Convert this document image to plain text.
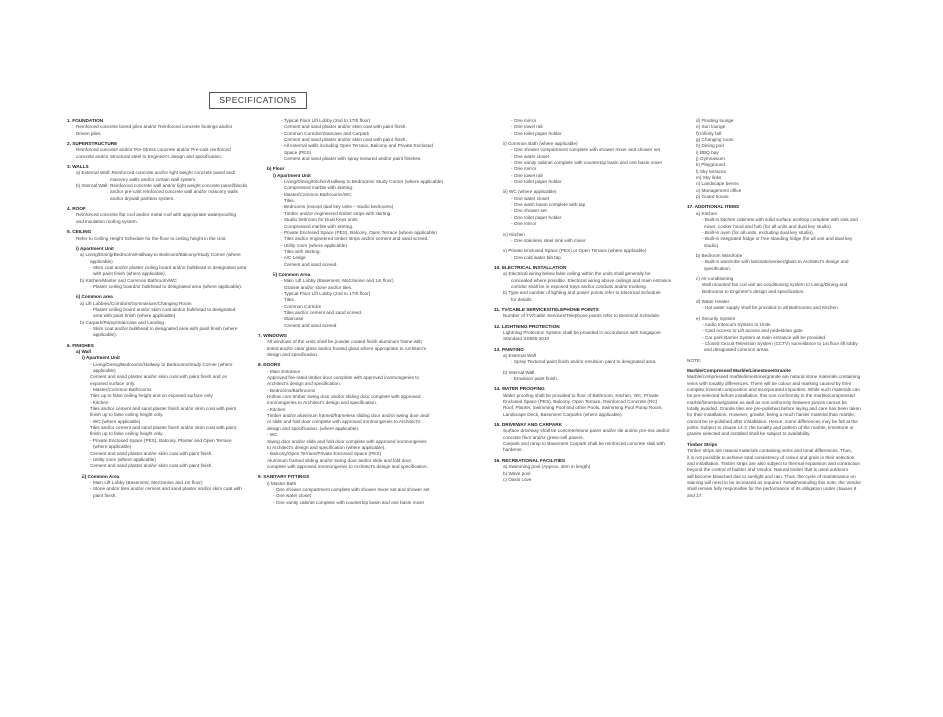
SPECIFICATIONS
1. FOUNDATION
Reinforced concrete bored piles and/or Reinforced concrete footings and/or
Driven piles.
2. SUPERSTRUCTURE
Reinforced concrete and/or Pre-Stress concrete and/or Pre-cast reinforced
concrete and/or Structural steel to Engineer's design and specification.
3. WALLS
a) External Wall: Reinforced concrete and/or light weight concrete panel and/
masonry walls and/or curtain wall system.
b) Internal Wall: Reinforced concrete wall and/or light weight concrete panel/blocks
and/or pre-cast reinforced concrete wall and/or masonry walls
and/or drywall partition system.
4. ROOF
Reinforced concrete flat roof and/or metal roof with appropriate waterproofing
and insulation roofing system.
5. CEILING
Refer to Ceiling Height Schedule for the floor to ceiling height in the Unit.
i) Apartment Unit
a) Living/Dining/Bedrooms/Hallway to Bedroom/Balcony/Study Corner (where
applicable)
- Skim coat and/or plaster ceiling board and/or bulkhead to designated area
with paint finish (where applicable).
b) Kitchen/Master and Common Bathroom/WC
- Plaster ceiling board/or bulkhead to designated area (where applicable).
ii) Common area
a) Lift Lobbies/Corridors/Gymnasium/Changing Room
- Plaster ceiling board and/or skim coat and/or bulkhead to designated
area with paint finish (where applicable).
b) Carpark/Ramp/Staircase and Landing
- Skim coat and/or bulkhead to designated area with paint finish (where
applicable).
6. FINISHES
a) Wall
i) Apartment Unit
- Living/Dining/Bedrooms/Hallway to Bedrooms/Study Corner (where
applicable)
Cement and sand plaster and/or skim coat with paint finish and on
exposed surface only.
- Master/Common Bathrooms
Tiles up to false ceiling height and on exposed surface only.
- Kitchen
Tiles and/or cement and sand plaster finish and/or skim coat with paint
finish up to false ceiling height only.
- WC (where applicable)
Tiles and/or cement and sand plaster finish and/or skim coat with paint
finish up to false ceiling height only.
- Private Enclosed Space (PES), Balcony, Planter and Open Terrace
(where applicable)
Cement and sand plaster and/or skim coat with paint finish.
- Utility room (where applicable)
Cement and sand plaster and/or skim coat with paint finish.
ii) Common Area
- Main Lift Lobby (Basement, Mezzanine and 1st floor)
- Stone and/or tiles and/or cement and sand plaster and/or skim coat with
paint finish.
- Typical Floor Lift Lobby (2nd to 17th floor)
Cement and sand plaster and/or skim coat with paint finish.
- Common Corridor/Staircase and Carpark
Cement and sand plaster and/or skim coat with paint finish.
- All external walls including Open Terrace, Balcony and Private Enclosed
Space (PES)
Cement and sand plaster with spray textured and/or paint finishes.
b) Floor
i) Apartment Unit
- Living/Dining/Kitchen/Hallway to Bedrooms/ Study Corner (where applicable)
Compressed marble with skirting.
- Master/Common Bathrooms/WC
Tiles.
- Bedrooms (except dual key units – studio bedrooms)
Timber and/or engineered timber strips with skirting.
- Studio bedroom for Dual Keys units
Compressed marble with skirting.
- Private Enclosed Space (PES), Balcony, Open Terrace (where applicable)
Tiles and/or engineered timber strips and/or cement and sand screed.
- Utility room (where applicable)
Tiles with skirting.
- A/C Ledge
Cement and sand screed.
ii) Common Area
- Main Lift Lobby (Basement, Mezzanine and 1st floor)
Granite and/or stone and/or tiles.
- Typical Floor Lift Lobby (2nd to 17th floor)
Tiles.
- Common Corridor
Tiles and/or cement and sand screed.
- Staircase
Cement and sand screed
7. WINDOWS
All windows of the units shall be powder coated finish aluminum frame with
tinted and/or clear glass and/or frosted glass where appropriate to Architect's
design and specification.
8. DOORS
- Main Entrance
Approved fire-rated timber door complete with approved ironmongeries to
Architect's design and specification.
- Bedrooms/Bathrooms
Hollow core timber swing door and/or sliding door complete with approved
ironmongeries to Architect's design and specification.
- Kitchen
Timber and/or aluminum framed/frameless sliding door and/or swing door and/
or slide and fold door complete with approved ironmongeries to Architect's
design and specification. (where applicable).
- WC
Swing door and/or slide and fold door complete with approved ironmongeries
to Architect's design and specification (where applicable).
- Balcony/Open Terrace/Private Enclosed Space (PES)
Aluminum framed sliding and/or swing door and/or slide and fold door,
complete with approved ironmongeries to Architect's design and specification.
9. SANITARY FITTINGS
i) Master Bath
- One shower compartment complete with shower mixer set and shower set
- One water closet
- One vanity cabinet complete with countertop basin and one basin mixer
- One mirror
- One towel rail
- One toilet paper holder
ii) Common Bath (where applicable)
- One shower compartment complete with shower mixer and shower set
- One water closet
- One vanity cabinet complete with countertop basin and one basin mixer
- One mirror
- One towel rail
- One toilet paper holder
iii) WC (where applicable)
- One water closet
- One wash basin complete with tap
- One shower set
- One toilet paper holder
- One mirror
iv) Kitchen
- One stainless steel sink with mixer
v) Private Enclosed Space (PES) or Open Terrace (where applicable)
- One cold water bib tap
10. ELECTRICAL INSTALLATION
a) Electrical wiring below false ceiling within the units shall generally be
concealed where possible. Electrical wiring above ceilings and main entrance
corridor shall be in exposed trays and/or conduits and/or trunking.
b) Type and number of lighting and power points refer to Electrical Schedule
for details.
11. TV/CABLE SERVICES/TELEPHONE POINTS
Number of TV/Cable Services/Telephone points refer to Electrical Schedule.
12. LIGHTNING PROTECTION
Lightning Protection System shall be provided in accordance with Singapore
Standard SS555:2010
13. PAINTING
a) External Wall
- Spray Textured paint finish and/or emulsion paint to designated area.
b) Internal Wall
- Emulsion paint finish.
14. WATER PROOFING
Water proofing shall be provided to floor of Bathroom, Kitchen, WC, Private
Enclosed Space (PES), Balcony, Open Terrace, Reinforced Concrete (RC)
Roof, Planter, Swimming Pool and other Pools, Swimming Pool Pump Room,
Landscape Deck, Basement Carparks (where applicable).
15. DRIVEWAY AND CARPARK
Surface driveway shall be concrete/stone paver and/or tile and/or pre-mix and/or
concrete floor and/or grass-cell pavers.
Carpark and ramp to Basement Carpark shall be reinforced concrete slab with
hardener.
16. RECREATIONAL FACILITIES
a) Swimming pool (Approx. 40m in length)
b) Wave pool
c) Oasis cove
d) Floating lounge
e) Sun lounge
f) Infinity fall
g) Changing room
h) Dining pod
i) BBQ bay
j) Gymnasium
k) Playground
l) Sky terraces
m) Sky links
n) Landscape berms
o) Management office
p) Guard house
17. ADDITIONAL ITEMS
a) Kitchen
- Built-in kitchen cabinets with solid surface worktop complete with sink and
mixer, cooker hood and hob (for all units and dual key studio).
- Built-in oven (for all units, excluding dual key studio).
- Built-in integrated fridge or free standing fridge (for all unit and dual key
studio).
b) Bedroom Wardrobe
- Built-in wardrobe with laminate/veneer/glass to Architect's design and
specification.
c) Air-conditioning
Wall mounted fan coil unit air-conditioning system to Living/Dining and
Bedrooms to Engineer's design and specification.
d) Water Heater
- Hot water supply shall be provided to all Bathrooms and Kitchen.
e) Security System
- Audio Intercom System to Units.
- Card Access to Lift access and pedestrian gate.
- Car park Barrier System at main entrance will be provided.
- Closed Circuit Television System (CCTV) surveillance to 1st floor lift lobby
and designated common areas.
NOTE:
Marble/Compressed Marble/Limestone/Granite
Marble/compressed marble/limestone/granite are natural stone materials containing
veins with tonality differences. There will be colour and marking caused by their
complex mineral composition and incorporated impurities. While such materials can
be pre-selected before installation, this non-conformity in the marble/compressed
marble/limestone/granite as well as non-uniformity between pieces cannot be
totally avoided. Granite tiles are pre-polished before laying and care has been taken
for their installation. However, granite, being a much harder material than marble,
cannot be re-polished after installation. Hence, some differences may be felt at the
joints. Subject to clause 14.3, the tonality and pattern of the marble, limestone or
granite selected and installed shall be subject to availability.
Timber Strips
Timber strips are natural materials containing veins and tonal differences. Thus,
it is not possible to achieve total consistency of colour and grain in their selection
and installation. Timber strips are also subject to thermal expansion and contraction
beyond the control of builder and Vendor. Natural timber that is used outdoors
will become bleached due to sunlight and rain. Thus, the cycle of maintenance on
staining will need to be increased as required. Notwithstanding this note, the Vendor
shall remain fully responsible for the performance of its obligation under clauses 9
and 17.
